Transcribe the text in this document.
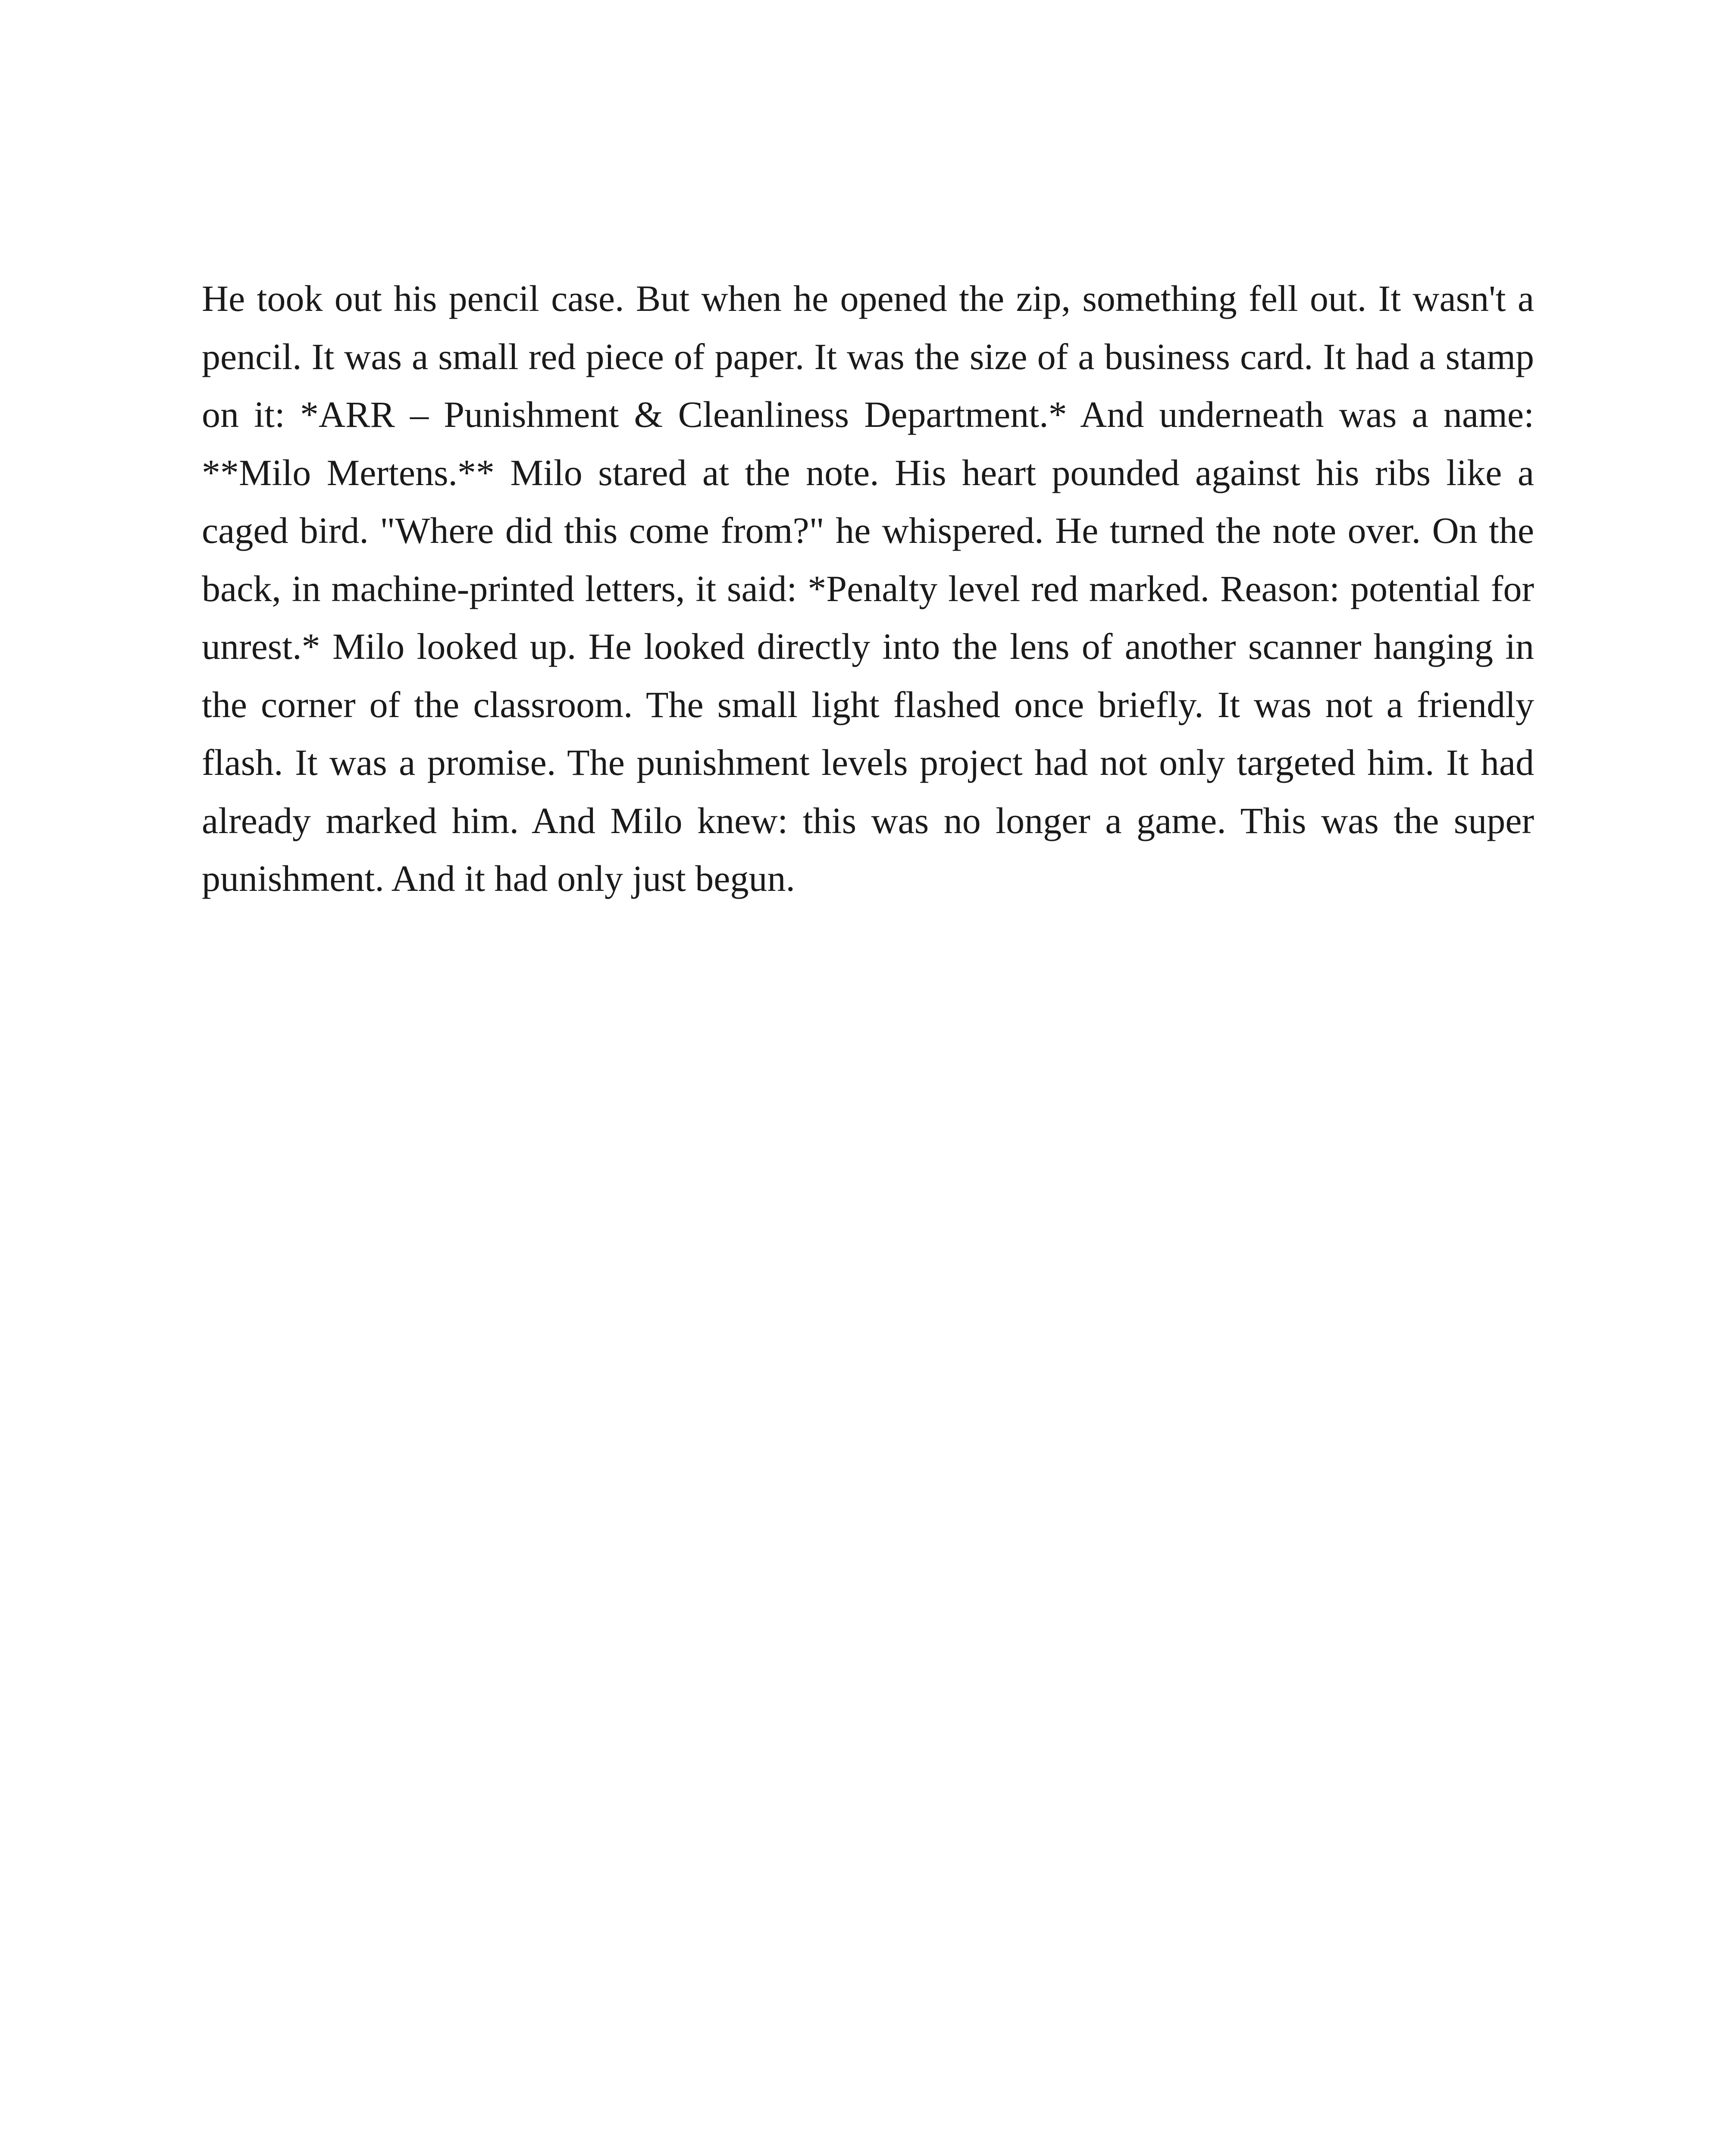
He took out his pencil case. But when he opened the zip, something fell out. It wasn't a pencil. It was a small red piece of paper. It was the size of a business card. It had a stamp on it: *ARR – Punishment & Cleanliness Department.* And underneath was a name: **Milo Mertens.** Milo stared at the note. His heart pounded against his ribs like a caged bird. "Where did this come from?" he whispered. He turned the note over. On the back, in machine-printed letters, it said: *Penalty level red marked. Reason: potential for unrest.* Milo looked up. He looked directly into the lens of another scanner hanging in the corner of the classroom. The small light flashed once briefly. It was not a friendly flash. It was a promise. The punishment levels project had not only targeted him. It had already marked him. And Milo knew: this was no longer a game. This was the super punishment. And it had only just begun.
